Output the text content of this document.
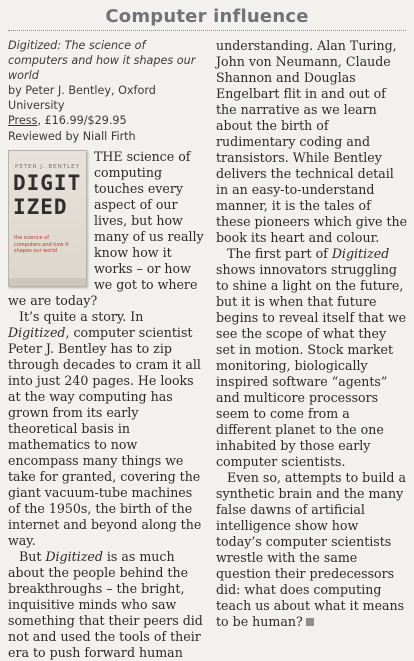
Computer influence
Digitized: The science of computers and how it shapes our world
by Peter J. Bentley, Oxford University
Press, £16.99/$29.95
Reviewed by Niall Firth
PETER J. BENTLEY
DIGIT
IZED
the science of computers and how it shapes our world

THE science of computing touches every aspect of our lives, but how many of us really know how it works – or how we got to where we are today?

It’s quite a story. In Digitized, computer scientist Peter J. Bentley has to zip through decades to cram it all into just 240 pages. He looks at the way computing has grown from its early theoretical basis in mathematics to now encompass many things we take for granted, covering the giant vacuum-tube machines of the 1950s, the birth of the internet and beyond along the way.

But Digitized is as much about the people behind the breakthroughs – the bright, inquisitive minds who saw something that their peers did not and used the tools of their era to push forward human

understanding. Alan Turing, John von Neumann, Claude Shannon and Douglas Engelbart flit in and out of the narrative as we learn about the birth of rudimentary coding and transistors. While Bentley delivers the technical detail in an easy-to-understand manner, it is the tales of these pioneers which give the book its heart and colour.

The first part of Digitized shows innovators struggling to shine a light on the future, but it is when that future begins to reveal itself that we see the scope of what they set in motion. Stock market monitoring, biologically inspired software “agents” and multicore processors seem to come from a different planet to the one inhabited by those early computer scientists.

Even so, attempts to build a synthetic brain and the many false dawns of artificial intelligence show how today’s computer scientists wrestle with the same question their predecessors did: what does computing teach us about what it means to be human?
